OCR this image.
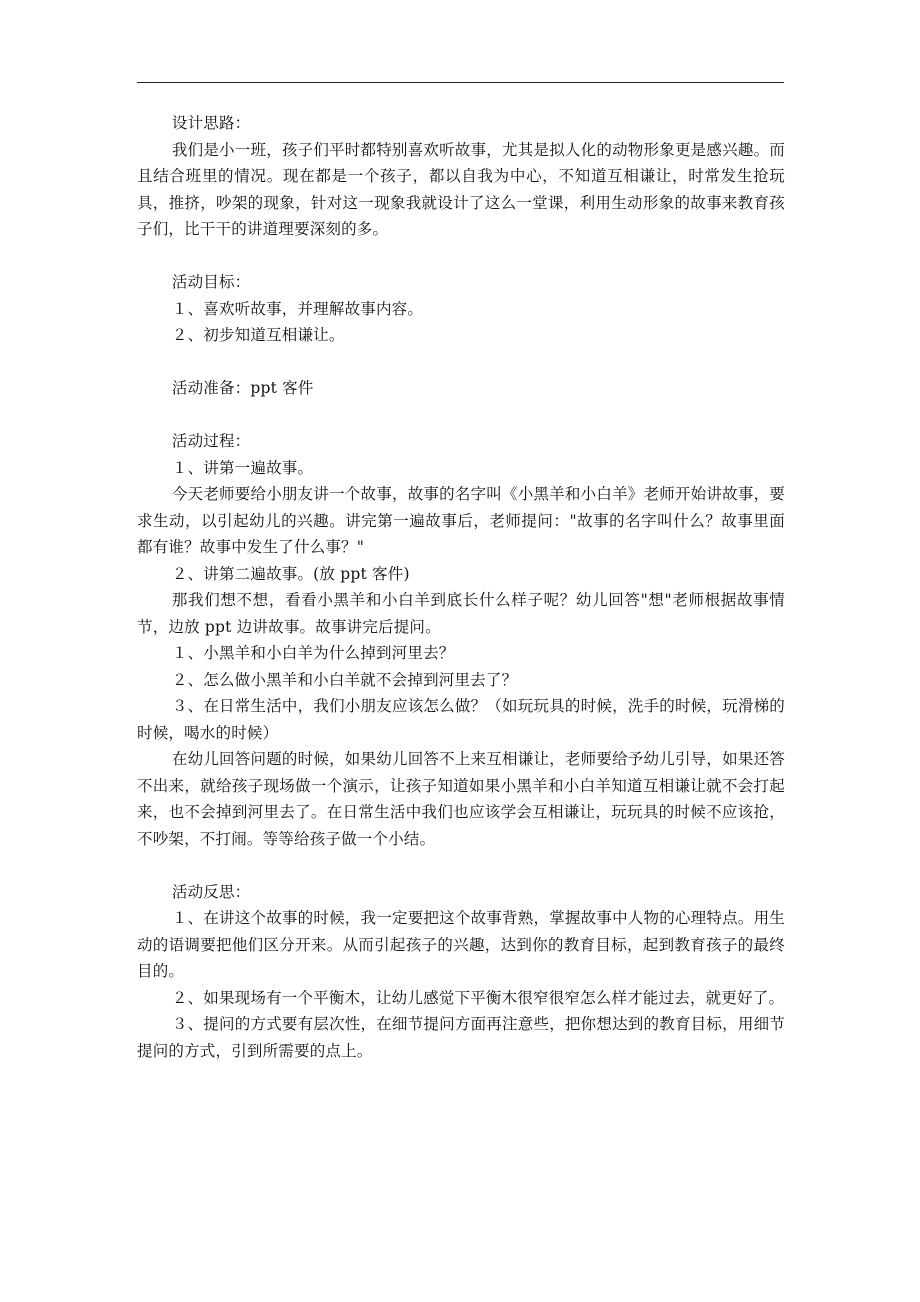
设计思路：

我们是小一班，孩子们平时都特别喜欢听故事，尤其是拟人化的动物形象更是感兴趣。而且结合班里的情况。现在都是一个孩子，都以自我为中心，不知道互相谦让，时常发生抢玩具，推挤，吵架的现象，针对这一现象我就设计了这么一堂课，利用生动形象的故事来教育孩子们，比干干的讲道理要深刻的多。

活动目标：

１、喜欢听故事，并理解故事内容。

２、初步知道互相谦让。

活动准备：ppt 客件

活动过程：

１、讲第一遍故事。

今天老师要给小朋友讲一个故事，故事的名字叫《小黑羊和小白羊》老师开始讲故事，要求生动，以引起幼儿的兴趣。讲完第一遍故事后，老师提问："故事的名字叫什么？故事里面都有谁？故事中发生了什么事？"

２、讲第二遍故事。(放 ppt 客件)

那我们想不想，看看小黑羊和小白羊到底长什么样子呢？幼儿回答"想"老师根据故事情节，边放 ppt 边讲故事。故事讲完后提问。

１、小黑羊和小白羊为什么掉到河里去？

２、怎么做小黑羊和小白羊就不会掉到河里去了？

３、在日常生活中，我们小朋友应该怎么做？（如玩玩具的时候，洗手的时候，玩滑梯的时候，喝水的时候）

在幼儿回答问题的时候，如果幼儿回答不上来互相谦让，老师要给予幼儿引导，如果还答不出来，就给孩子现场做一个演示，让孩子知道如果小黑羊和小白羊知道互相谦让就不会打起来，也不会掉到河里去了。在日常生活中我们也应该学会互相谦让，玩玩具的时候不应该抢，不吵架，不打闹。等等给孩子做一个小结。

活动反思：

１、在讲这个故事的时候，我一定要把这个故事背熟，掌握故事中人物的心理特点。用生动的语调要把他们区分开来。从而引起孩子的兴趣，达到你的教育目标，起到教育孩子的最终目的。

２、如果现场有一个平衡木，让幼儿感觉下平衡木很窄很窄怎么样才能过去，就更好了。

３、提问的方式要有层次性，在细节提问方面再注意些，把你想达到的教育目标，用细节提问的方式，引到所需要的点上。
